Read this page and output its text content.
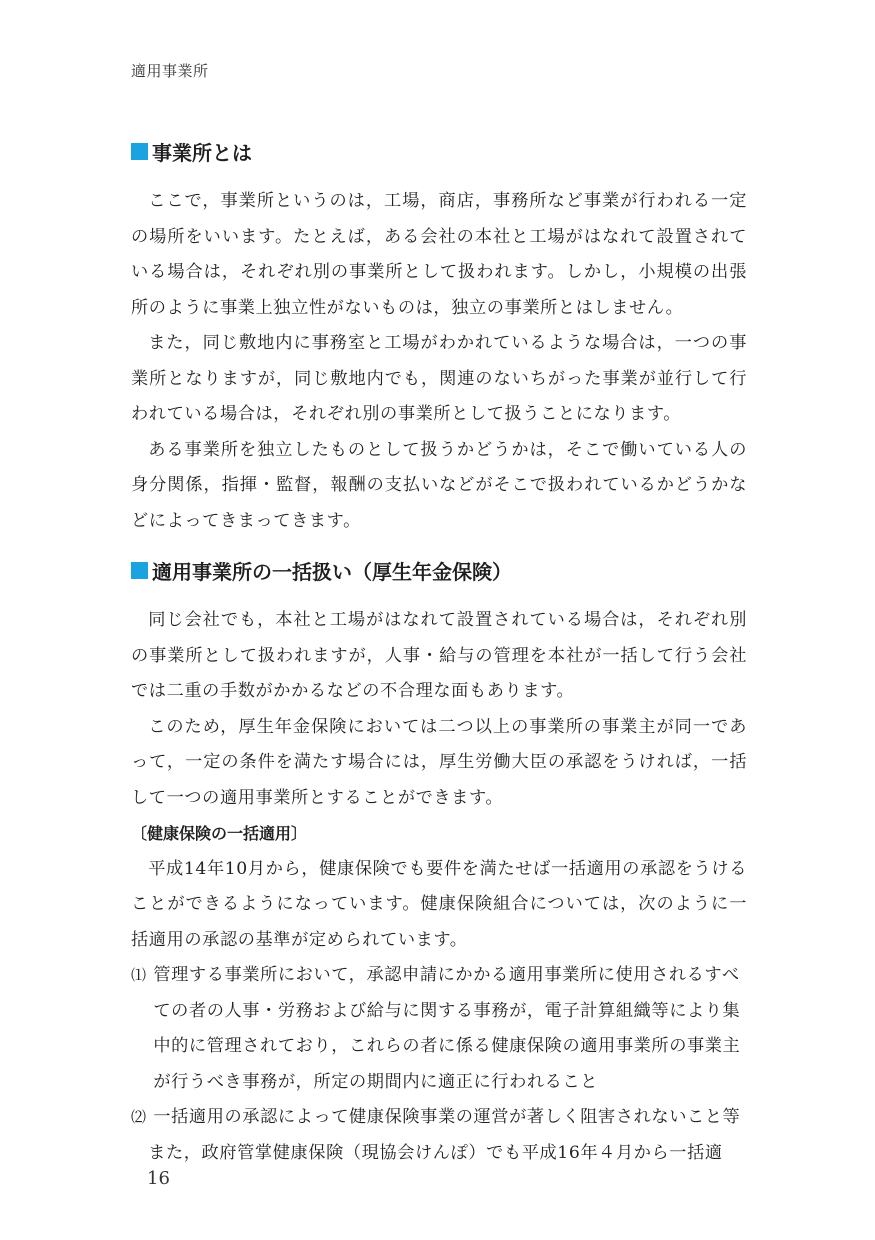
適用事業所
事業所とは

ここで，事業所というのは，工場，商店，事務所など事業が行われる一定の場所をいいます。たとえば，ある会社の本社と工場がはなれて設置されている場合は，それぞれ別の事業所として扱われます。しかし，小規模の出張所のように事業上独立性がないものは，独立の事業所とはしません。

また，同じ敷地内に事務室と工場がわかれているような場合は，一つの事業所となりますが，同じ敷地内でも，関連のないちがった事業が並行して行われている場合は，それぞれ別の事業所として扱うことになります。

ある事業所を独立したものとして扱うかどうかは，そこで働いている人の身分関係，指揮・監督，報酬の支払いなどがそこで扱われているかどうかなどによってきまってきます。

適用事業所の一括扱い（厚生年金保険）

同じ会社でも，本社と工場がはなれて設置されている場合は，それぞれ別の事業所として扱われますが，人事・給与の管理を本社が一括して行う会社では二重の手数がかかるなどの不合理な面もあります。

このため，厚生年金保険においては二つ以上の事業所の事業主が同一であって，一定の条件を満たす場合には，厚生労働大臣の承認をうければ，一括して一つの適用事業所とすることができます。

〔健康保険の一括適用〕

平成14年10月から，健康保険でも要件を満たせば一括適用の承認をうけることができるようになっています。健康保険組合については，次のように一括適用の承認の基準が定められています。

⑴ 管理する事業所において，承認申請にかかる適用事業所に使用されるすべての者の人事・労務および給与に関する事務が，電子計算組織等により集中的に管理されており，これらの者に係る健康保険の適用事業所の事業主が行うべき事務が，所定の期間内に適正に行われること

⑵ 一括適用の承認によって健康保険事業の運営が著しく阻害されないこと等

また，政府管掌健康保険（現協会けんぽ）でも平成16年４月から一括適

16
